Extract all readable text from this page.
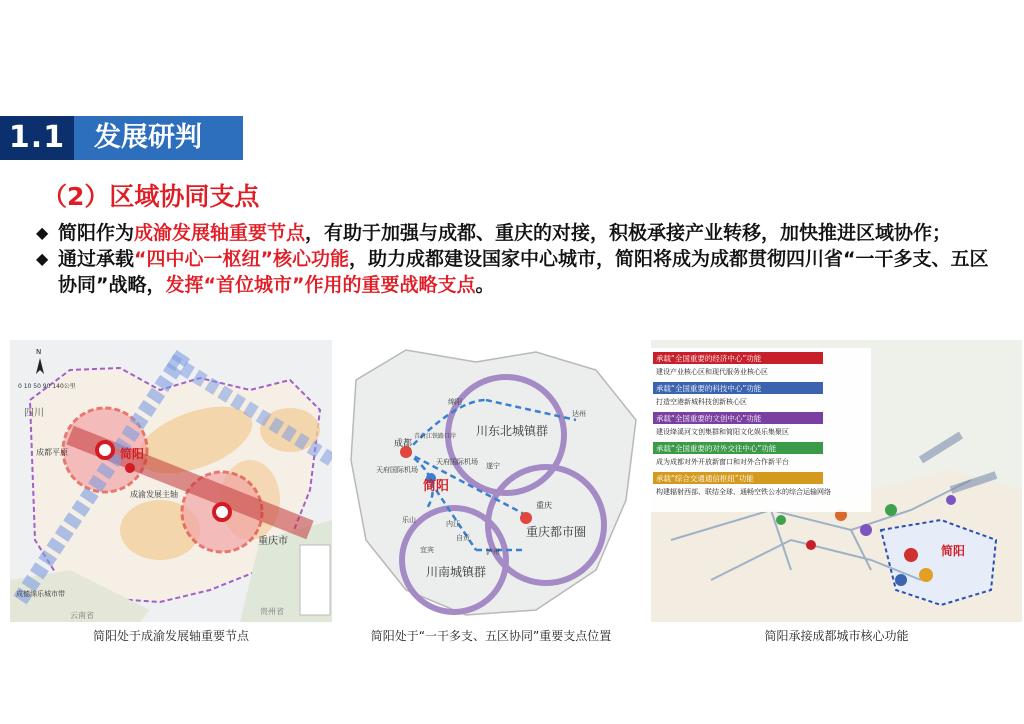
1.1	发展研判
（2）区域协同支点
◆ 简阳作为成渝发展轴重要节点，有助于加强与成都、重庆的对接，积极承接产业转移，加快推进区域协作；
◆ 通过承载“四中心一枢纽”核心功能，助力成都建设国家中心城市，简阳将成为成都贯彻四川省“一干多支、五区协同”战略，发挥“首位城市”作用的重要战略支点。
简阳
成都平原
重庆市
四川
云南省	贵州省
成渝发展主轴
成德绵乐城市带
N
0 10 50 90 140公里
简阳处于成渝发展轴重要节点
成都
简阳
重庆
川东北城镇群
川南城镇群
重庆都市圈
天府国际机场
天府国际机场
青白江铁路口岸
绵阳
乐山
宜宾
自贡
内江
遂宁
达州
泸州
简阳处于“一干多支、五区协同”重要支点位置
简阳
承载“全国重要的经济中心”功能
建设产业核心区和现代服务业核心区
承载“全国重要的科技中心”功能
打造空港新城科技创新核心区
承载“全国重要的文创中心”功能
建设绛溪河文创集群和简阳文化娱乐集聚区
承载“全国重要的对外交往中心”功能
成为成都对外开放新窗口和对外合作新平台
承载“综合交通通信枢纽”功能
构建辐射西部、联结全球、通畅空铁公水的综合运输网络
简阳承接成都城市核心功能
